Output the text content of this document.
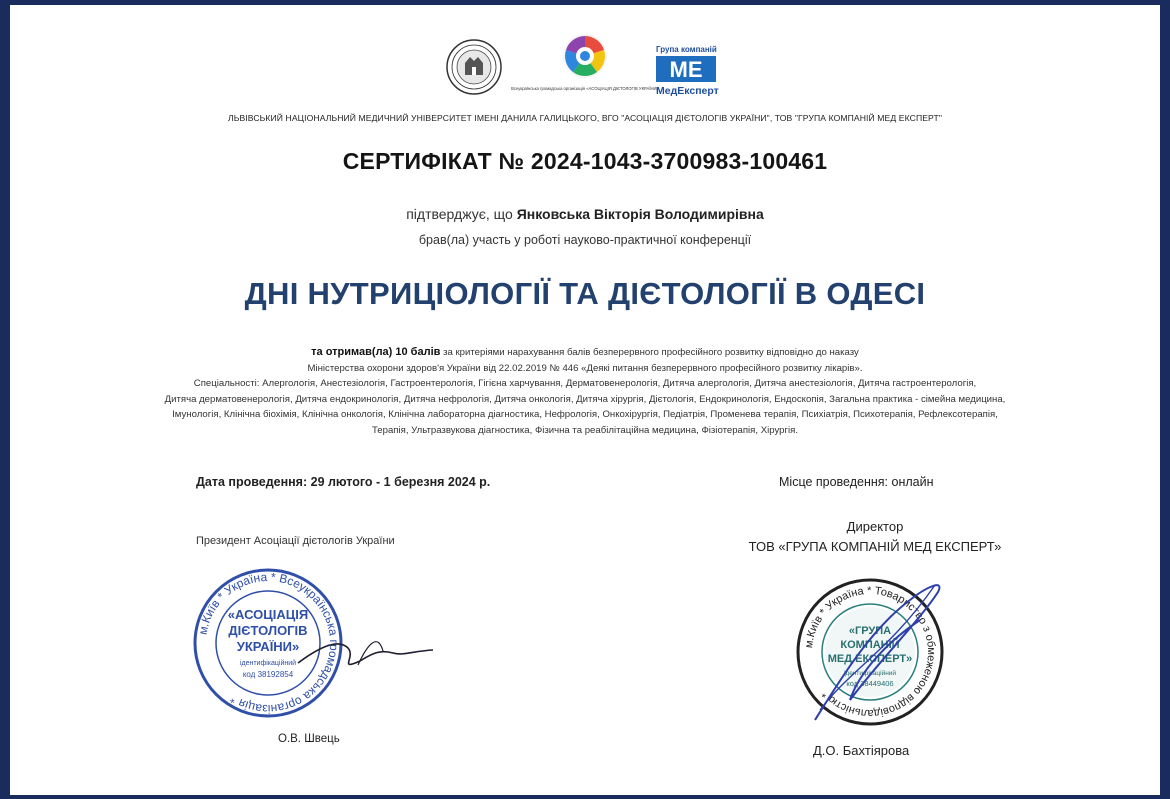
Всеукраїнська громадська організація «АСОЦІАЦІЯ ДІЄТОЛОГІВ УКРАЇНИ»
Група компаній
МЕ
МедЕксперт
ЛЬВІВСЬКИЙ НАЦІОНАЛЬНИЙ МЕДИЧНИЙ УНІВЕРСИТЕТ ІМЕНІ ДАНИЛА ГАЛИЦЬКОГО, ВГО "АСОЦІАЦІЯ ДІЄТОЛОГІВ УКРАЇНИ", ТОВ "ГРУПА КОМПАНІЙ МЕД ЕКСПЕРТ"
СЕРТИФІКАТ № 2024-1043-3700983-100461
підтверджує, що Янковська Вікторія Володимирівна
брав(ла) участь у роботі науково-практичної конференції
ДНІ НУТРИЦІОЛОГІЇ ТА ДІЄТОЛОГІЇ В ОДЕСІ
та отримав(ла) 10 балів за критеріями нарахування балів безперервного професійного розвитку відповідно до наказу
Міністерства охорони здоров'я України від 22.02.2019 № 446 «Деякі питання безперервного професійного розвитку лікарів».
Спеціальності: Алергологія, Анестезіологія, Гастроентерологія, Гігієна харчування, Дерматовенерологія, Дитяча алергологія, Дитяча анестезіологія, Дитяча гастроентерологія,
Дитяча дерматовенерологія, Дитяча ендокринологія, Дитяча нефрологія, Дитяча онкологія, Дитяча хірургія, Дієтологія, Ендокринологія, Ендоскопія, Загальна практика - сімейна медицина,
Імунологія, Клінічна біохімія, Клінічна онкологія, Клінічна лабораторна діагностика, Нефрологія, Онкохірургія, Педіатрія, Променева терапія, Психіатрія, Психотерапія, Рефлексотерапія,
Терапія, Ультразвукова діагностика, Фізична та реабілітаційна медицина, Фізіотерапія, Хірургія.
Дата проведення: 29 лютого - 1 березня 2024 р.	Місце проведення: онлайн
Президент Асоціації дієтологів України
Директор
ТОВ «ГРУПА КОМПАНІЙ МЕД ЕКСПЕРТ»
м.Київ * Україна * Всеукраїнська громадська організація *
«АСОЦІАЦІЯ
ДІЄТОЛОГІВ
УКРАЇНИ»
ідентифікаційний
код 38192854
м.Київ * Україна * Товариство з обмеженою відповідальністю *
«ГРУПА
КОМПАНІЙ
МЕД ЕКСПЕРТ»
ідентифікаційний
код 38449406
О.В. Швець
Д.О. Бахтіярова
